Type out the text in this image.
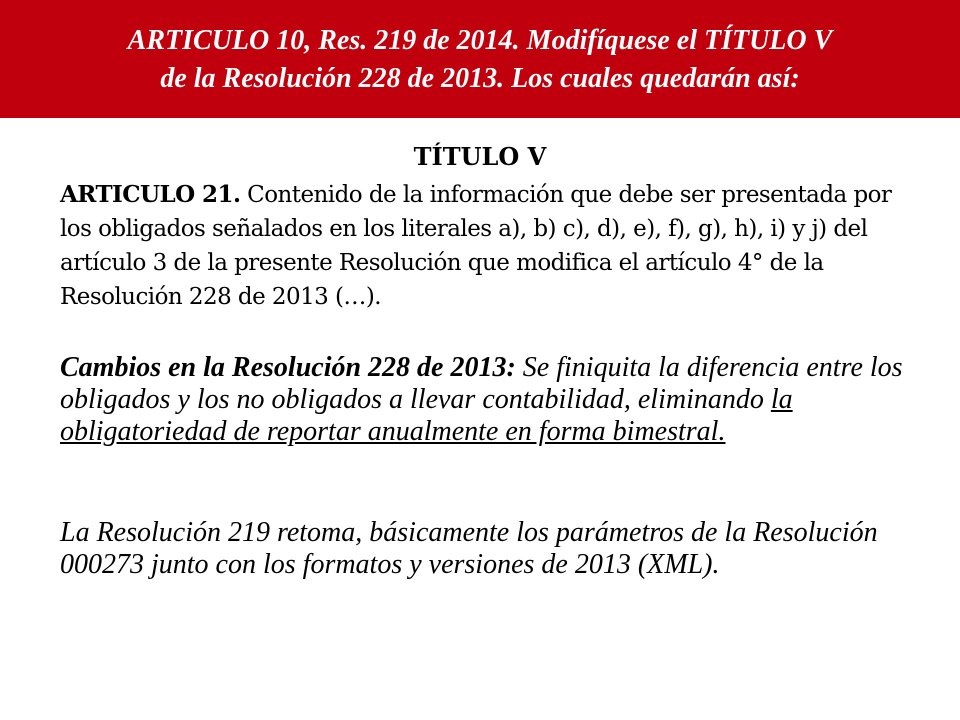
ARTICULO 10, Res. 219 de 2014. Modifíquese el TÍTULO V
de la Resolución 228 de 2013. Los cuales quedarán así:
TÍTULO V
ARTICULO 21. Contenido de la información que debe ser presentada por los obligados señalados en los literales a), b) c), d), e), f), g), h), i) y j) del artículo 3 de la presente Resolución que modifica el artículo 4° de la Resolución 228 de 2013 (…).
Cambios en la Resolución 228 de 2013: Se finiquita la diferencia entre los obligados y los no obligados a llevar contabilidad, eliminando la obligatoriedad de reportar anualmente en forma bimestral.
La Resolución 219 retoma, básicamente los parámetros de la Resolución 000273 junto con los formatos y versiones de 2013 (XML).
